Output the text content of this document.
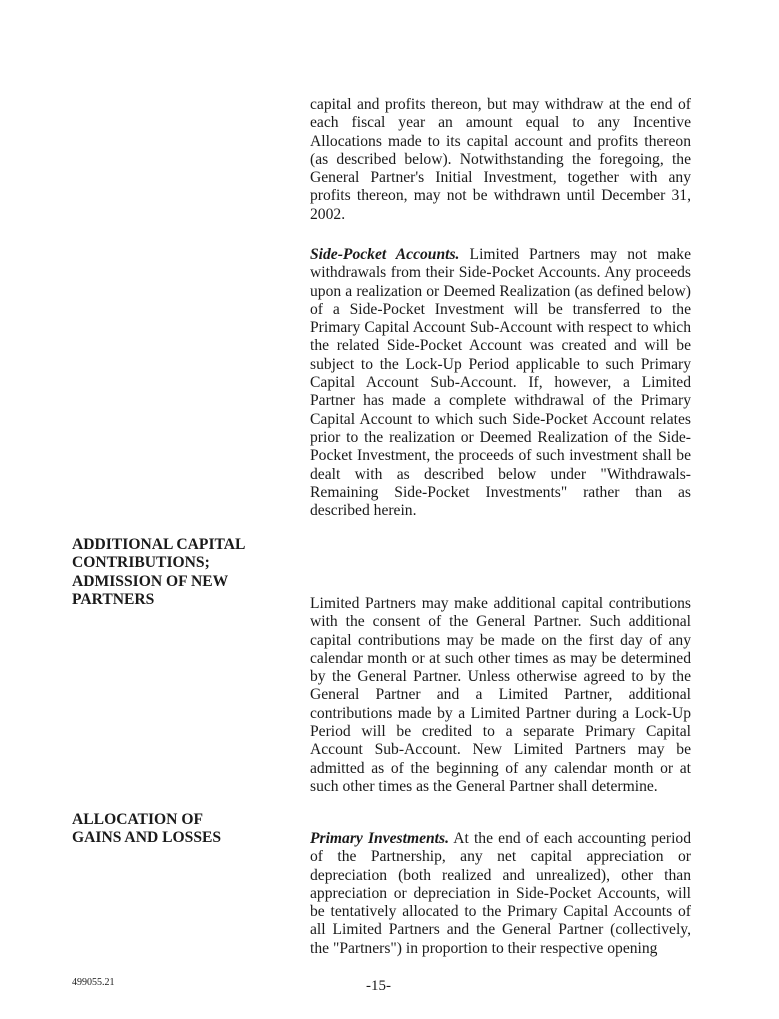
capital and profits thereon, but may withdraw at the end of each fiscal year an amount equal to any Incentive Allocations made to its capital account and profits thereon (as described below). Notwithstanding the foregoing, the General Partner's Initial Investment, together with any profits thereon, may not be withdrawn until December 31, 2002.

Side-Pocket Accounts. Limited Partners may not make withdrawals from their Side-Pocket Accounts. Any proceeds upon a realization or Deemed Realization (as defined below) of a Side-Pocket Investment will be transferred to the Primary Capital Account Sub-Account with respect to which the related Side-Pocket Account was created and will be subject to the Lock-Up Period applicable to such Primary Capital Account Sub-Account. If, however, a Limited Partner has made a complete withdrawal of the Primary Capital Account to which such Side-Pocket Account relates prior to the realization or Deemed Realization of the Side-Pocket Investment, the proceeds of such investment shall be dealt with as described below under "Withdrawals-Remaining Side-Pocket Investments" rather than as described herein.

ADDITIONAL CAPITAL
CONTRIBUTIONS;
ADMISSION OF NEW
PARTNERS	Limited Partners may make additional capital contributions with the consent of the General Partner. Such additional capital contributions may be made on the first day of any calendar month or at such other times as may be determined by the General Partner. Unless otherwise agreed to by the General Partner and a Limited Partner, additional contributions made by a Limited Partner during a Lock-Up Period will be credited to a separate Primary Capital Account Sub-Account. New Limited Partners may be admitted as of the beginning of any calendar month or at such other times as the General Partner shall determine.

ALLOCATION OF
GAINS AND LOSSES	Primary Investments. At the end of each accounting period of the Partnership, any net capital appreciation or depreciation (both realized and unrealized), other than appreciation or depreciation in Side-Pocket Accounts, will be tentatively allocated to the Primary Capital Accounts of all Limited Partners and the General Partner (collectively, the "Partners") in proportion to their respective opening

499055.21	-15-
